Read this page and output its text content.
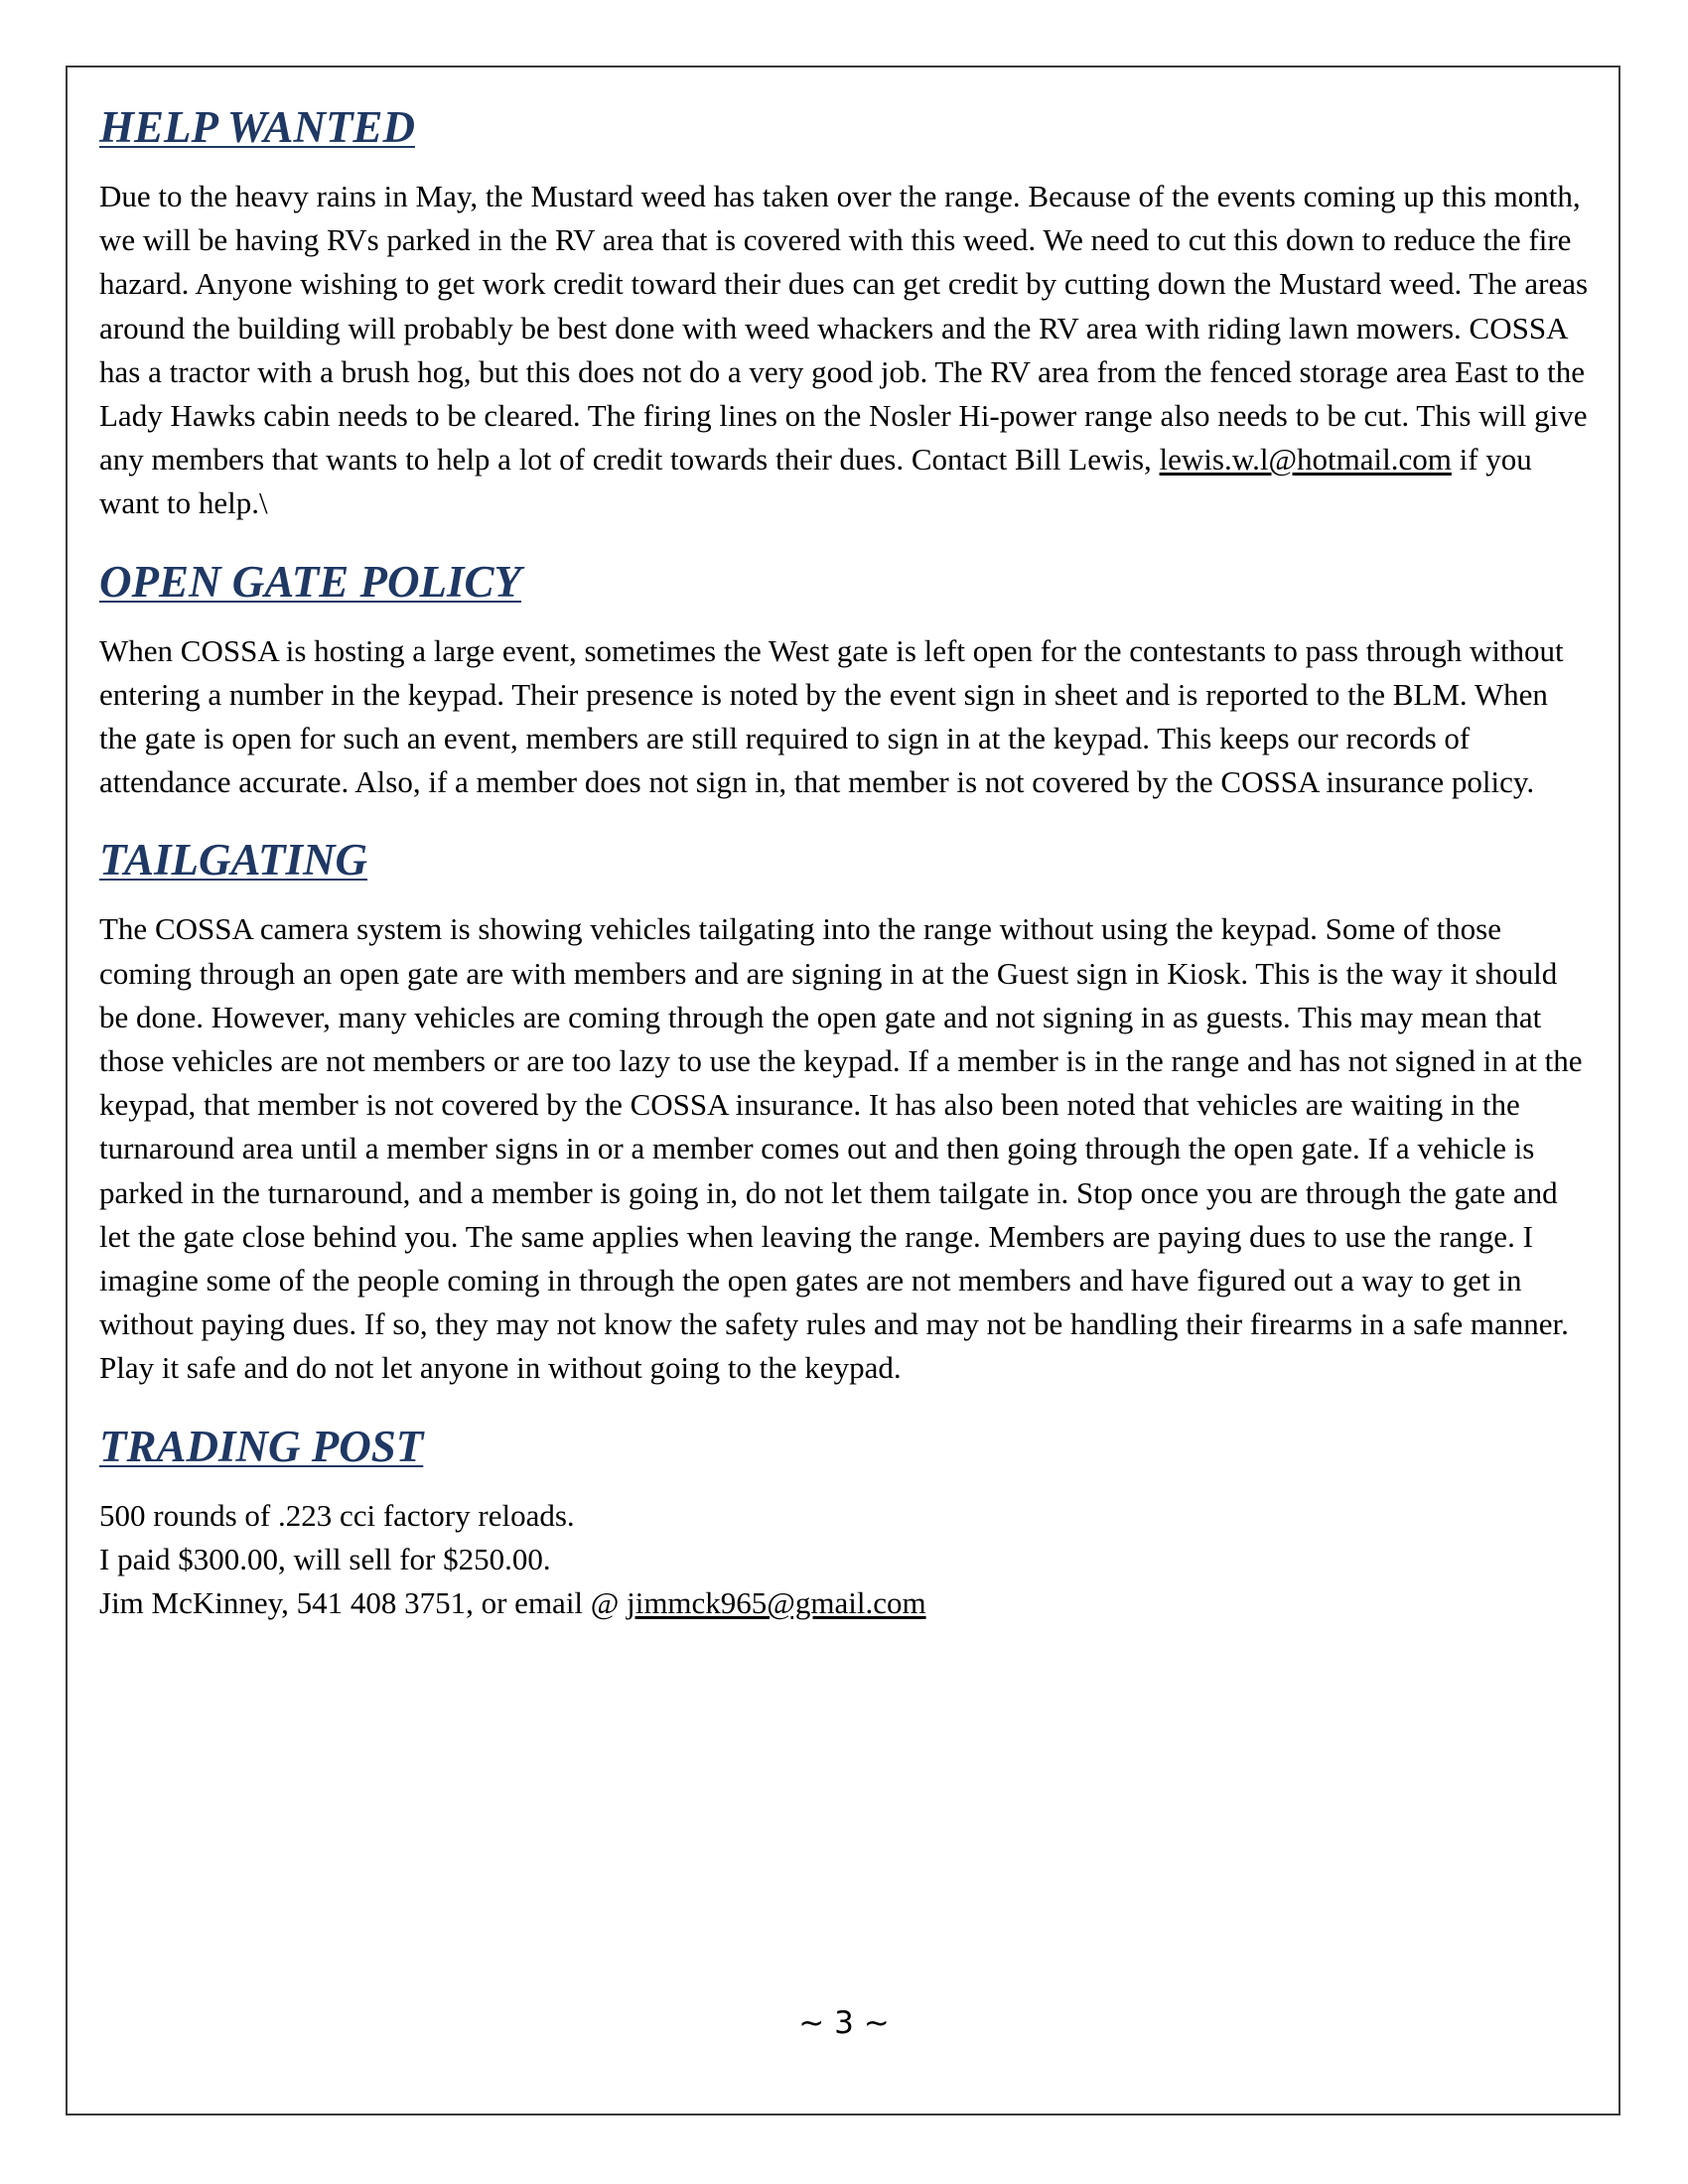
HELP WANTED

Due to the heavy rains in May, the Mustard weed has taken over the range. Because of the events coming up this month, we will be having RVs parked in the RV area that is covered with this weed. We need to cut this down to reduce the fire hazard. Anyone wishing to get work credit toward their dues can get credit by cutting down the Mustard weed. The areas around the building will probably be best done with weed whackers and the RV area with riding lawn mowers. COSSA has a tractor with a brush hog, but this does not do a very good job. The RV area from the fenced storage area East to the Lady Hawks cabin needs to be cleared. The firing lines on the Nosler Hi-power range also needs to be cut. This will give any members that wants to help a lot of credit towards their dues. Contact Bill Lewis, lewis.w.l@hotmail.com if you want to help.\

OPEN GATE POLICY

When COSSA is hosting a large event, sometimes the West gate is left open for the contestants to pass through without entering a number in the keypad. Their presence is noted by the event sign in sheet and is reported to the BLM. When the gate is open for such an event, members are still required to sign in at the keypad. This keeps our records of attendance accurate. Also, if a member does not sign in, that member is not covered by the COSSA insurance policy.

TAILGATING

The COSSA camera system is showing vehicles tailgating into the range without using the keypad. Some of those coming through an open gate are with members and are signing in at the Guest sign in Kiosk. This is the way it should be done. However, many vehicles are coming through the open gate and not signing in as guests. This may mean that those vehicles are not members or are too lazy to use the keypad. If a member is in the range and has not signed in at the keypad, that member is not covered by the COSSA insurance. It has also been noted that vehicles are waiting in the turnaround area until a member signs in or a member comes out and then going through the open gate. If a vehicle is parked in the turnaround, and a member is going in, do not let them tailgate in. Stop once you are through the gate and let the gate close behind you. The same applies when leaving the range. Members are paying dues to use the range. I imagine some of the people coming in through the open gates are not members and have figured out a way to get in without paying dues. If so, they may not know the safety rules and may not be handling their firearms in a safe manner. Play it safe and do not let anyone in without going to the keypad.

TRADING POST
500 rounds of .223 cci factory reloads.
I paid $300.00, will sell for $250.00.
Jim McKinney, 541 408 3751, or email @ jimmck965@gmail.com
~ 3 ~
